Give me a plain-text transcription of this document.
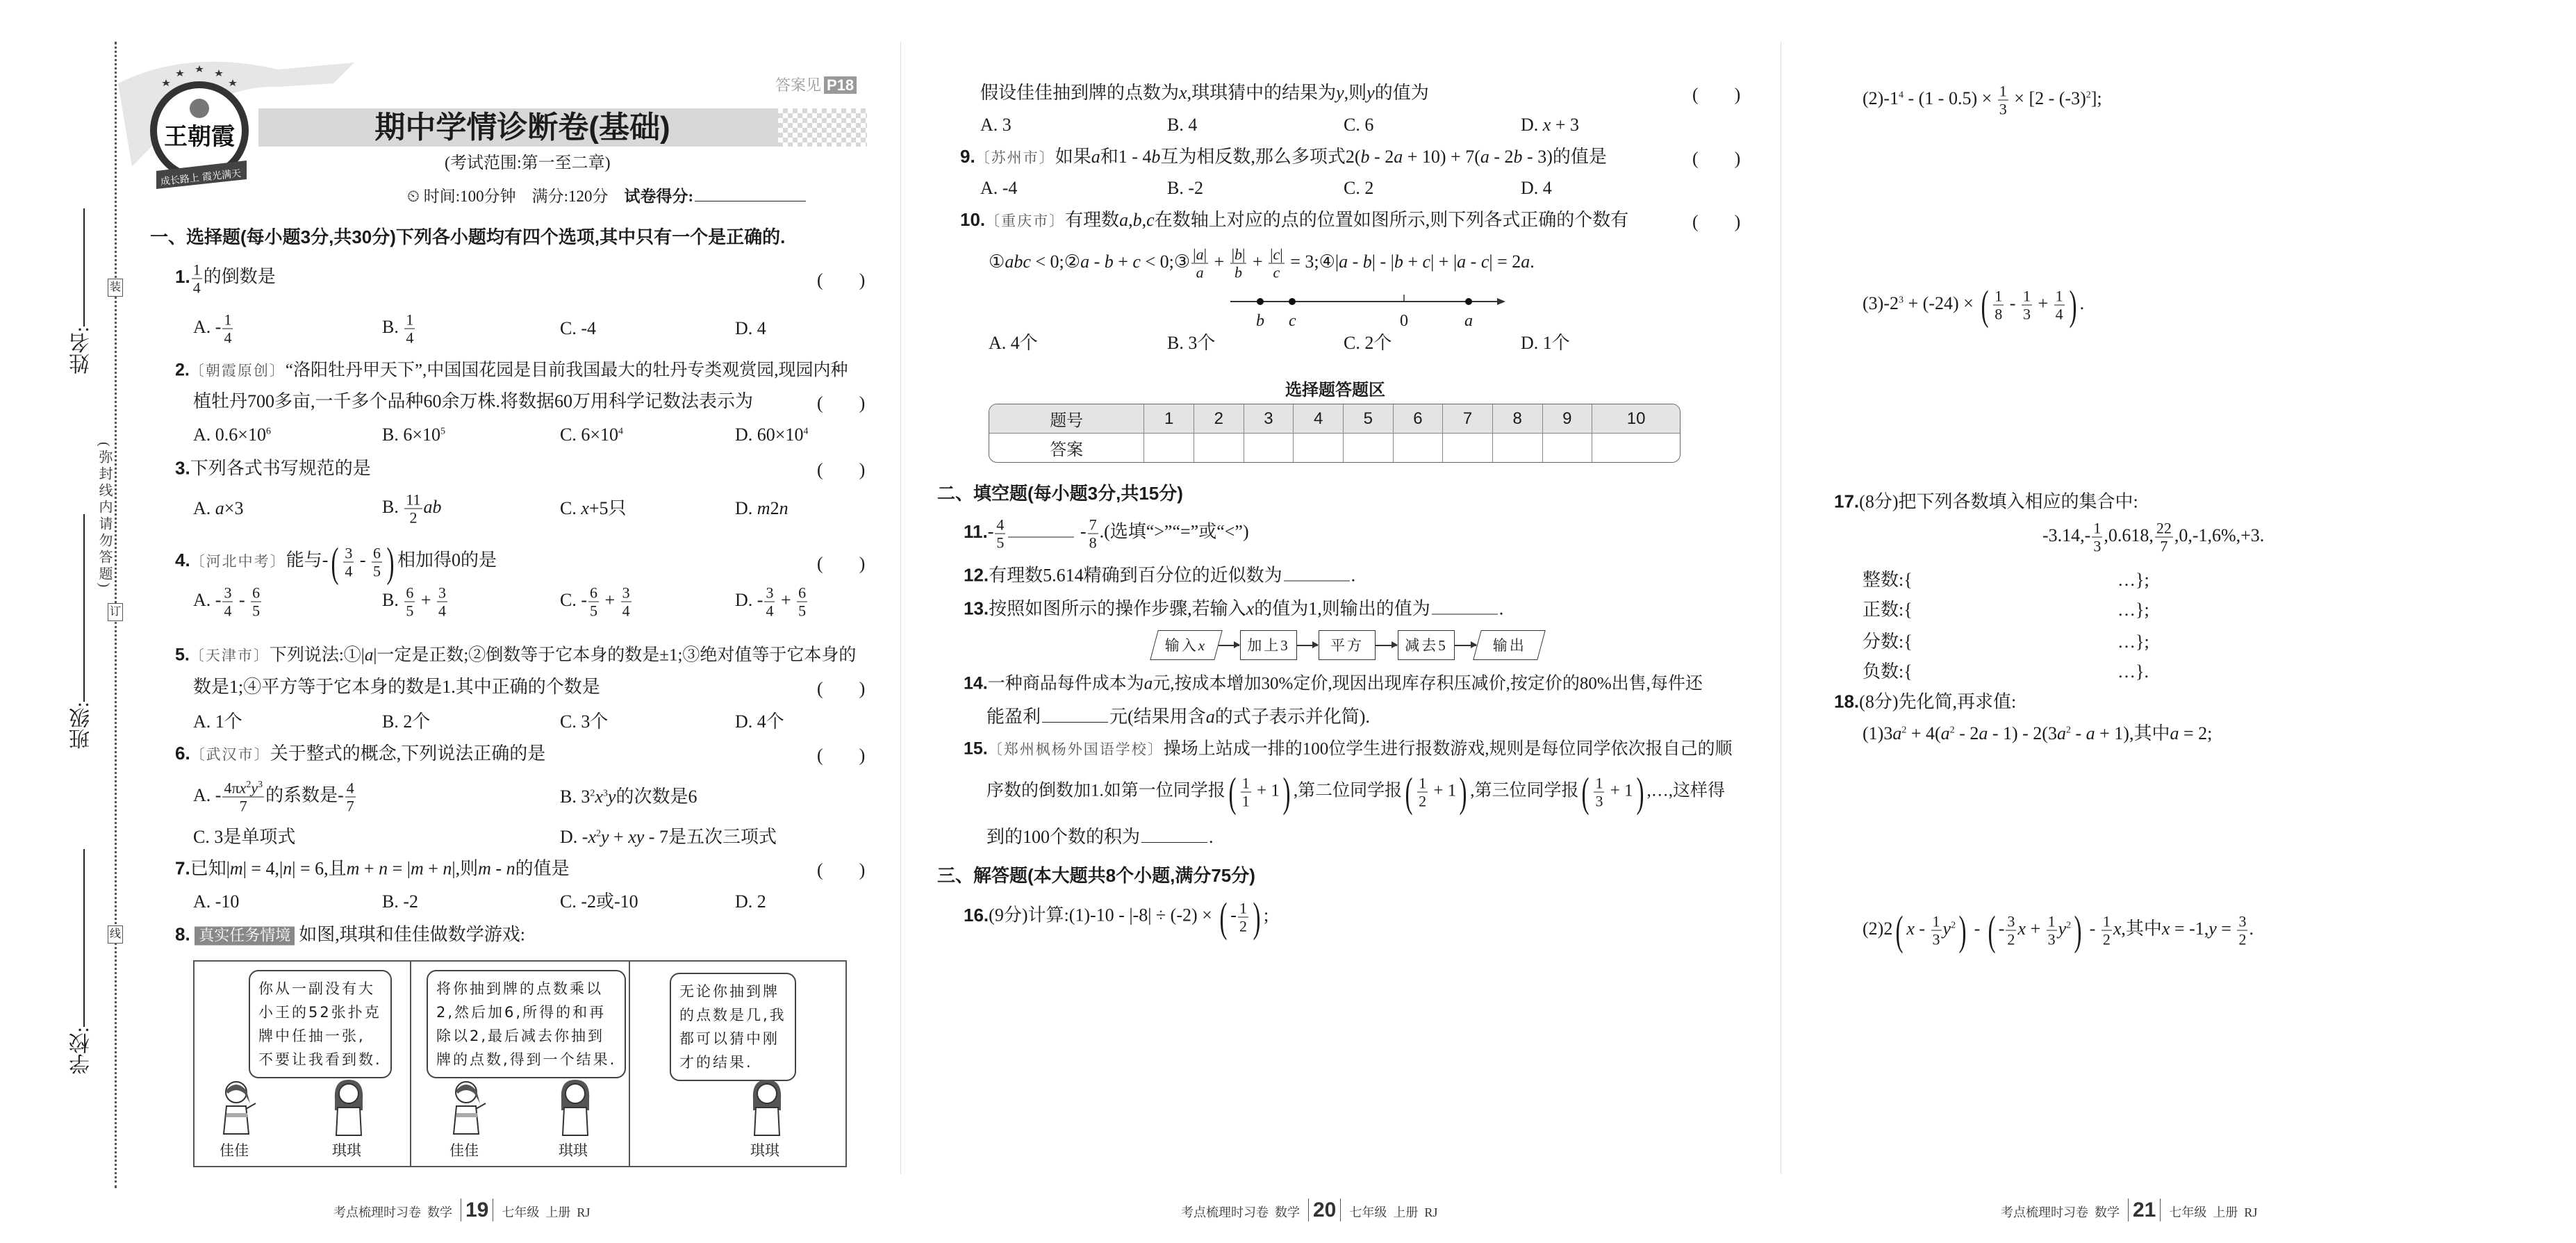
装
订
线
姓名:
班级:
学校:
(弥封线内请勿答题)
王朝霞
成长路上 霞光满天
答案见 P18
期中学情诊断卷(基础)
(考试范围:第一至二章)
⏲ 时间:100分钟 满分:120分 试卷得分:
一、选择题(每小题3分,共30分)下列各小题均有四个选项,其中只有一个是正确的.
1. $\frac{1}{4}$ 的倒数是	(　　)
A. - $\frac{1}{4}$	B. $\frac{1}{4}$	C. -4	D. 4
2.〔朝霞原创〕“洛阳牡丹甲天下”,中国国花园是目前我国最大的牡丹专类观赏园,现园内种
植牡丹700多亩,一千多个品种60余万株.将数据60万用科学记数法表示为	(　　)
A. $0.6\times 10^6$	B. $6\times 10^5$	C. $6\times 10^4$	D. $60\times 10^4$
3.下列各式书写规范的是	(　　)
A. a×3	B. $\frac{11}{2}$ ab	C. x+5只	D. m2n
4.〔河北中考〕能与-( $\frac{3}{4} - \frac{6}{5}$ ) 相加得0的是	(　　)
A. - $\frac{3}{4} - \frac{6}{5}$	B. $\frac{6}{5} + \frac{3}{4}$	C. - $\frac{6}{5} + \frac{3}{4}$	D. - $\frac{3}{4} + \frac{6}{5}$
5.〔天津市〕下列说法:①|a|一定是正数;②倒数等于它本身的数是±1;③绝对值等于它本身的
数是1;④平方等于它本身的数是1.其中正确的个数是	(　　)
A. 1个	B. 2个	C. 3个	D. 4个
6.〔武汉市〕关于整式的概念,下列说法正确的是	(　　)
A. - $\frac{4\pi x^2y^3}{7}$ 的系数是- $\frac{4}{7}$	B. $3^2x^3y$的次数是6
C. 3是单项式	D. $-x^2y$ + xy - 7是五次三项式
7.已知|m| = 4,|n| = 6,且m + n = |m + n|,则m - n的值是	(　　)
A. -10	B. -2	C. -2或-10	D. 2
8. 真实任务情境 如图,琪琪和佳佳做数学游戏:
你从一副没有大
小王的52张扑克
牌中任抽一张,
不要让我看到数.
将你抽到牌的点数乘以
2,然后加6,所得的和再
除以2,最后减去你抽到
牌的点数,得到一个结果.
无论你抽到牌
的点数是几,我
都可以猜中刚
才的结果.
佳佳	琪琪	佳佳	琪琪	琪琪
假设佳佳抽到牌的点数为x,琪琪猜中的结果为y,则y的值为	(　　)
A. 3	B. 4	C. 6	D. x + 3
9.〔苏州市〕如果a和1 - 4b互为相反数,那么多项式2(b - 2a + 10) + 7(a - 2b - 3)的值是	(　　)
A. -4	B. -2	C. 2	D. 4
10.〔重庆市〕有理数a,b,c在数轴上对应的点的位置如图所示,则下列各式正确的个数有	(　　)
①abc < 0;②a - b + c < 0;③ $\frac{|a|}{a} + \frac{|b|}{b} + \frac{|c|}{c}$ = 3;④|a - b| - |b + c| + |a - c| = 2a.
b c	0	a
A. 4个	B. 3个	C. 2个	D. 1个
选择题答题区
题号	1	2	3	4	5	6	7	8	9	10
答案										
二、填空题(每小题3分,共15分)
$11.- \frac{4}{5}$	- $\frac{7}{8}$ .(选填“>”“=”或“<”)
12.有理数5.614精确到百分位的近似数为	.
13.按照如图所示的操作步骤,若输入x的值为1,则输出的值为	.
输入x	加上3	平方	减去5	输出
14.一种商品每件成本为a元,按成本增加30%定价,现因出现库存积压减价,按定价的80%出售,每件还
能盈利	元(结果用含a的式子表示并化简).
15.〔郑州枫杨外国语学校〕操场上站成一排的100位学生进行报数游戏,规则是每位同学依次报自己的顺
序数的倒数加1.如第一位同学报( $\frac{1}{1} + 1$) ,第二位同学报( $\frac{1}{2} + 1$) ,第三位同学报( $\frac{1}{3} + 1$) ,…,这样得
到的100个数的积为	.
三、解答题(本大题共8个小题,满分75分)
16.(9分)计算:(1)-10 - |-8| ÷ (-2) × ( - $\frac{1}{2}$ ) ;
$(2)-1^4 - (1 - 0.5) \times \frac{1}{3} \times [2 - (-3)^2]$;
$(3)-2^3 + (-24)$ × ( $\frac{1}{8} - \frac{1}{3} + \frac{1}{4}$ ) .
17.(8分)把下列各数填入相应的集合中:
$-3.14,- \frac{1}{3} ,0.618$, $\frac{22}{7} ,0,-1,6\%,+3$.
整数:{	…};
正数:{	…};
分数:{	…};
负数:{	…}.
18.(8分)先化简,再求值:
$(1)3a^2 + 4(a^2 - 2a - 1) - 2(3a^2 - a + 1)$,其中a = 2;
(2)2( x - $\frac{1}{3} y^2$) - ( - $\frac{3}{2}$ $x + \frac{1}{3} y^2) - \frac{1}{2} x$,其中$x = -1,y = \frac{3}{2}$ .
考点梳理时习卷 数学 19 七年级 上册 RJ	考点梳理时习卷 数学 20 七年级 上册 RJ	考点梳理时习卷 数学 21 七年级 上册 RJ
